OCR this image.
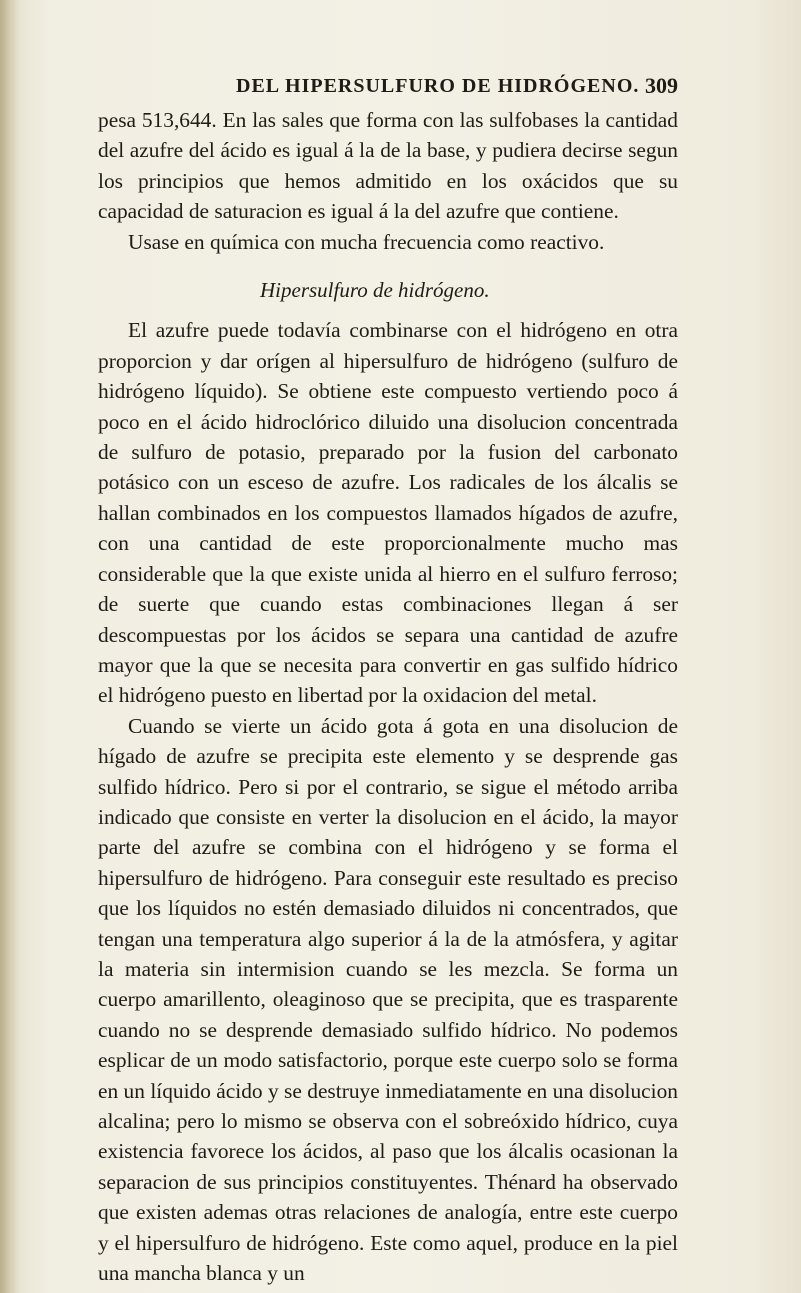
DEL HIPERSULFURO DE HIDRÓGENO. 309

pesa 513,644. En las sales que forma con las sulfobases la cantidad del azufre del ácido es igual á la de la base, y pudiera decirse segun los principios que hemos admitido en los oxácidos que su capacidad de saturacion es igual á la del azufre que contiene.

Usase en química con mucha frecuencia como reactivo.

Hipersulfuro de hidrógeno.

El azufre puede todavía combinarse con el hidrógeno en otra proporcion y dar orígen al hipersulfuro de hidrógeno (sulfuro de hidrógeno líquido). Se obtiene este compuesto vertiendo poco á poco en el ácido hidroclórico diluido una disolucion concentrada de sulfuro de potasio, preparado por la fusion del carbonato potásico con un esceso de azufre. Los radicales de los álcalis se hallan combinados en los compuestos llamados hígados de azufre, con una cantidad de este proporcionalmente mucho mas considerable que la que existe unida al hierro en el sulfuro ferroso; de suerte que cuando estas combinaciones llegan á ser descompuestas por los ácidos se separa una cantidad de azufre mayor que la que se necesita para convertir en gas sulfido hídrico el hidrógeno puesto en libertad por la oxidacion del metal.

Cuando se vierte un ácido gota á gota en una disolucion de hígado de azufre se precipita este elemento y se desprende gas sulfido hídrico. Pero si por el contrario, se sigue el método arriba indicado que consiste en verter la disolucion en el ácido, la mayor parte del azufre se combina con el hidrógeno y se forma el hipersulfuro de hidrógeno. Para conseguir este resultado es preciso que los líquidos no estén demasiado diluidos ni concentrados, que tengan una temperatura algo superior á la de la atmósfera, y agitar la materia sin intermision cuando se les mezcla. Se forma un cuerpo amarillento, oleaginoso que se precipita, que es trasparente cuando no se desprende demasiado sulfido hídrico. No podemos esplicar de un modo satisfactorio, porque este cuerpo solo se forma en un líquido ácido y se destruye inmediatamente en una disolucion alcalina; pero lo mismo se observa con el sobreóxido hídrico, cuya existencia favorece los ácidos, al paso que los álcalis ocasionan la separacion de sus principios constituyentes. Thénard ha observado que existen ademas otras relaciones de analogía, entre este cuerpo y el hipersulfuro de hidrógeno. Este como aquel, produce en la piel una mancha blanca y un
